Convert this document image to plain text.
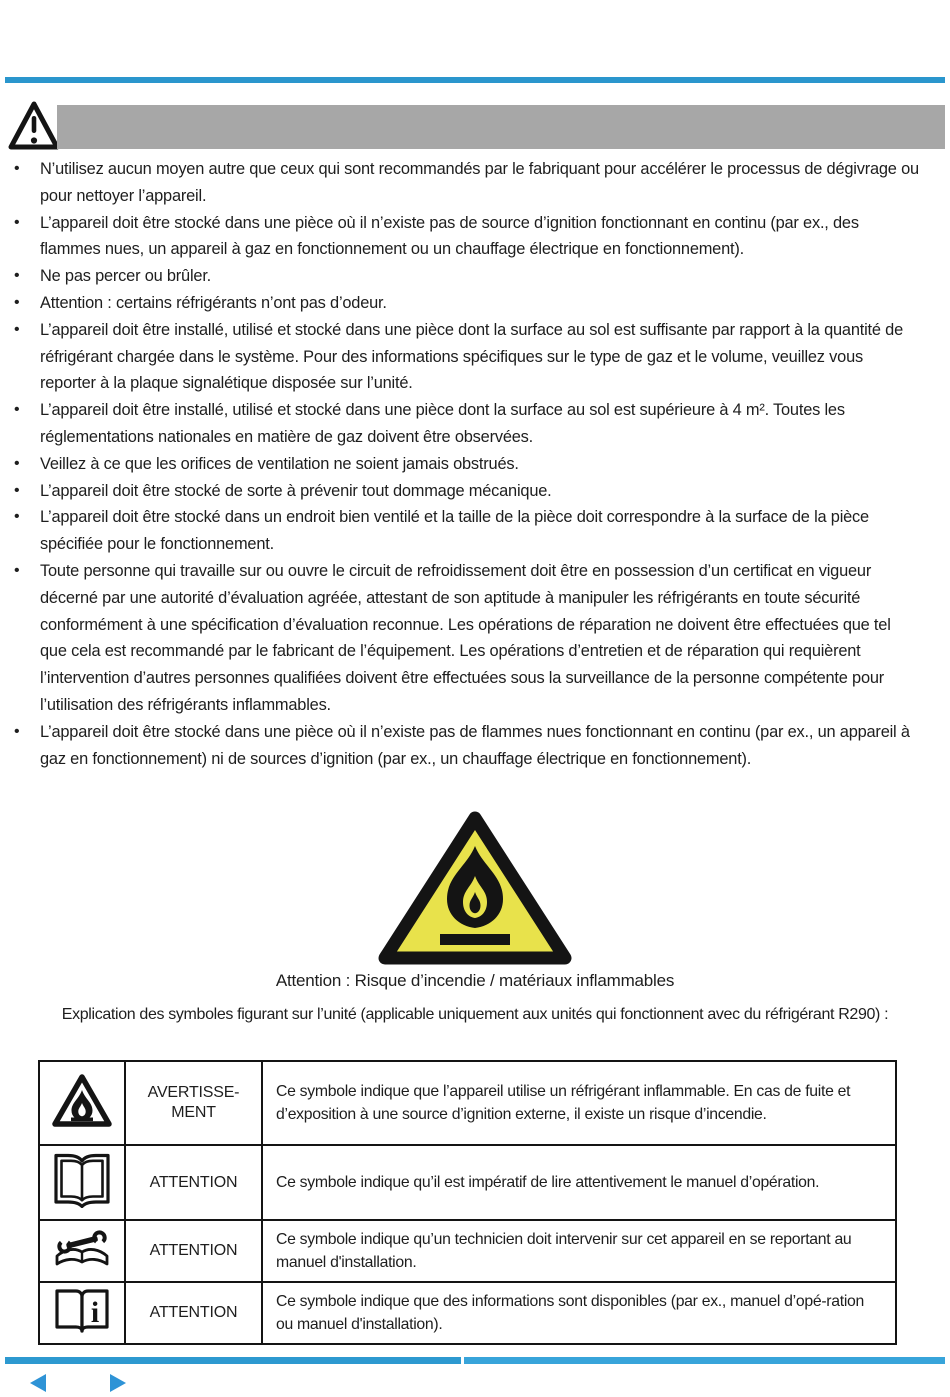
• N’utilisez aucun moyen autre que ceux qui sont recommandés par le fabriquant pour accélérer le processus de dégivrage ou pour nettoyer l’appareil.
• L’appareil doit être stocké dans une pièce où il n’existe pas de source d’ignition fonctionnant en continu (par ex., des flammes nues, un appareil à gaz en fonctionnement ou un chauffage électrique en fonctionnement).
• Ne pas percer ou brûler.
• Attention : certains réfrigérants n’ont pas d’odeur.
• L’appareil doit être installé, utilisé et stocké dans une pièce dont la surface au sol est suffisante par rapport à la quantité de réfrigérant chargée dans le système. Pour des informations spécifiques sur le type de gaz et le volume, veuillez vous reporter à la plaque signalétique disposée sur l’unité.
• L’appareil doit être installé, utilisé et stocké dans une pièce dont la surface au sol est supérieure à 4 m². Toutes les réglementations nationales en matière de gaz doivent être observées.
• Veillez à ce que les orifices de ventilation ne soient jamais obstrués.
• L’appareil doit être stocké de sorte à prévenir tout dommage mécanique.
• L’appareil doit être stocké dans un endroit bien ventilé et la taille de la pièce doit correspondre à la surface de la pièce spécifiée pour le fonctionnement.
• Toute personne qui travaille sur ou ouvre le circuit de refroidissement doit être en possession d’un certificat en vigueur décerné par une autorité d’évaluation agréée, attestant de son aptitude à manipuler les réfrigérants en toute sécurité conformément à une spécification d’évaluation reconnue. Les opérations de réparation ne doivent être effectuées que tel que cela est recommandé par le fabricant de l’équipement. Les opérations d’entretien et de réparation qui requièrent l’intervention d’autres personnes qualifiées doivent être effectuées sous la surveillance de la personne compétente pour l’utilisation des réfrigérants inflammables.
• L’appareil doit être stocké dans une pièce où il n’existe pas de flammes nues fonctionnant en continu (par ex., un appareil à gaz en fonctionnement) ni de sources d’ignition (par ex., un chauffage électrique en fonctionnement).
Attention : Risque d’incendie / matériaux inflammables
Explication des symboles figurant sur l’unité (applicable uniquement aux unités qui fonctionnent avec du réfrigérant R290) :

AVERTISSE-MENT	Ce symbole indique que l’appareil utilise un réfrigérant inflammable. En cas de fuite et d’exposition à une source d’ignition externe, il existe un risque d’incendie.

ATTENTION	Ce symbole indique qu’il est impératif de lire attentivement le manuel d’opération.

ATTENTION	Ce symbole indique qu’un technicien doit intervenir sur cet appareil en se reportant au manuel d'installation.

i	ATTENTION	Ce symbole indique que des informations sont disponibles (par ex., manuel d’opé-ration ou manuel d'installation).
